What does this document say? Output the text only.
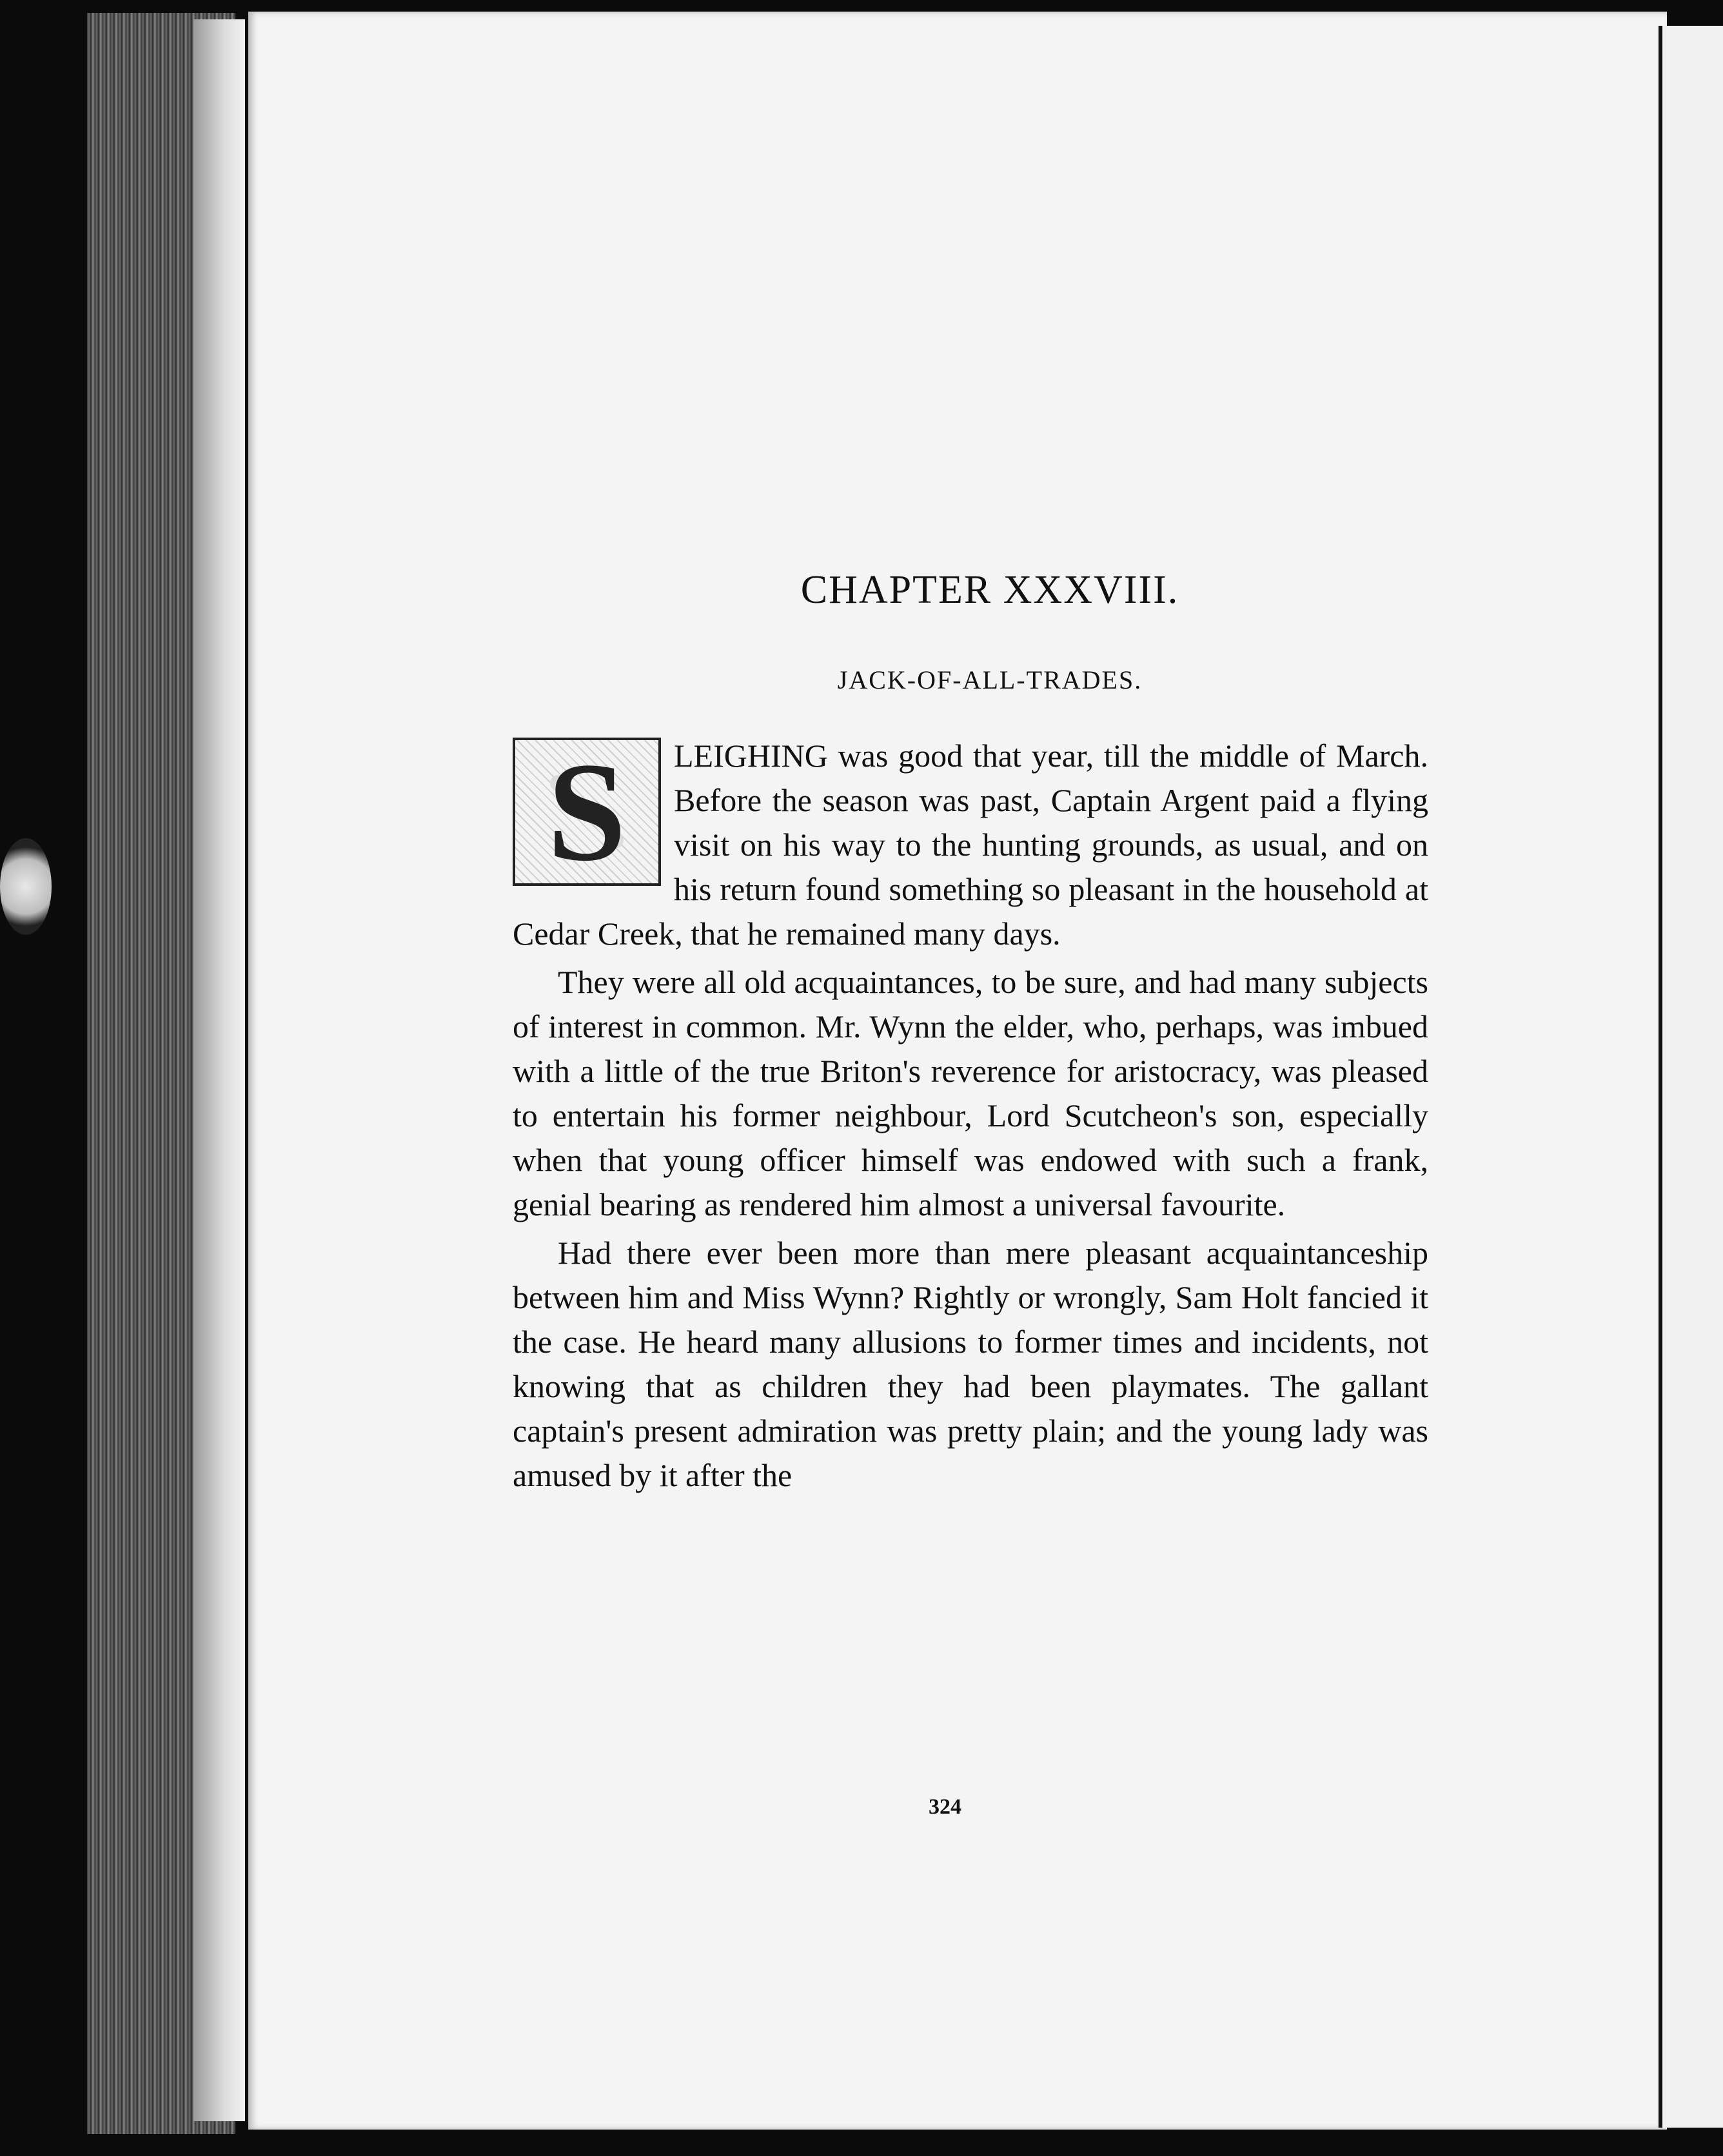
CHAPTER XXXVIII.
JACK-OF-ALL-TRADES.

S	LEIGHING was good that year, till the middle of March. Before the season was past, Captain Argent paid a flying visit on his way to the hunting grounds, as usual, and on his return found something so pleasant in the household at Cedar Creek, that he remained many days.

They were all old acquaintances, to be sure, and had many subjects of interest in common. Mr. Wynn the elder, who, perhaps, was imbued with a little of the true Briton's reverence for aristocracy, was pleased to entertain his former neighbour, Lord Scutcheon's son, especially when that young officer himself was endowed with such a frank, genial bearing as rendered him almost a universal favourite.

Had there ever been more than mere pleasant acquaintanceship between him and Miss Wynn? Rightly or wrongly, Sam Holt fancied it the case. He heard many allusions to former times and incidents, not knowing that as children they had been playmates. The gallant captain's present admiration was pretty plain; and the young lady was amused by it after the

324
